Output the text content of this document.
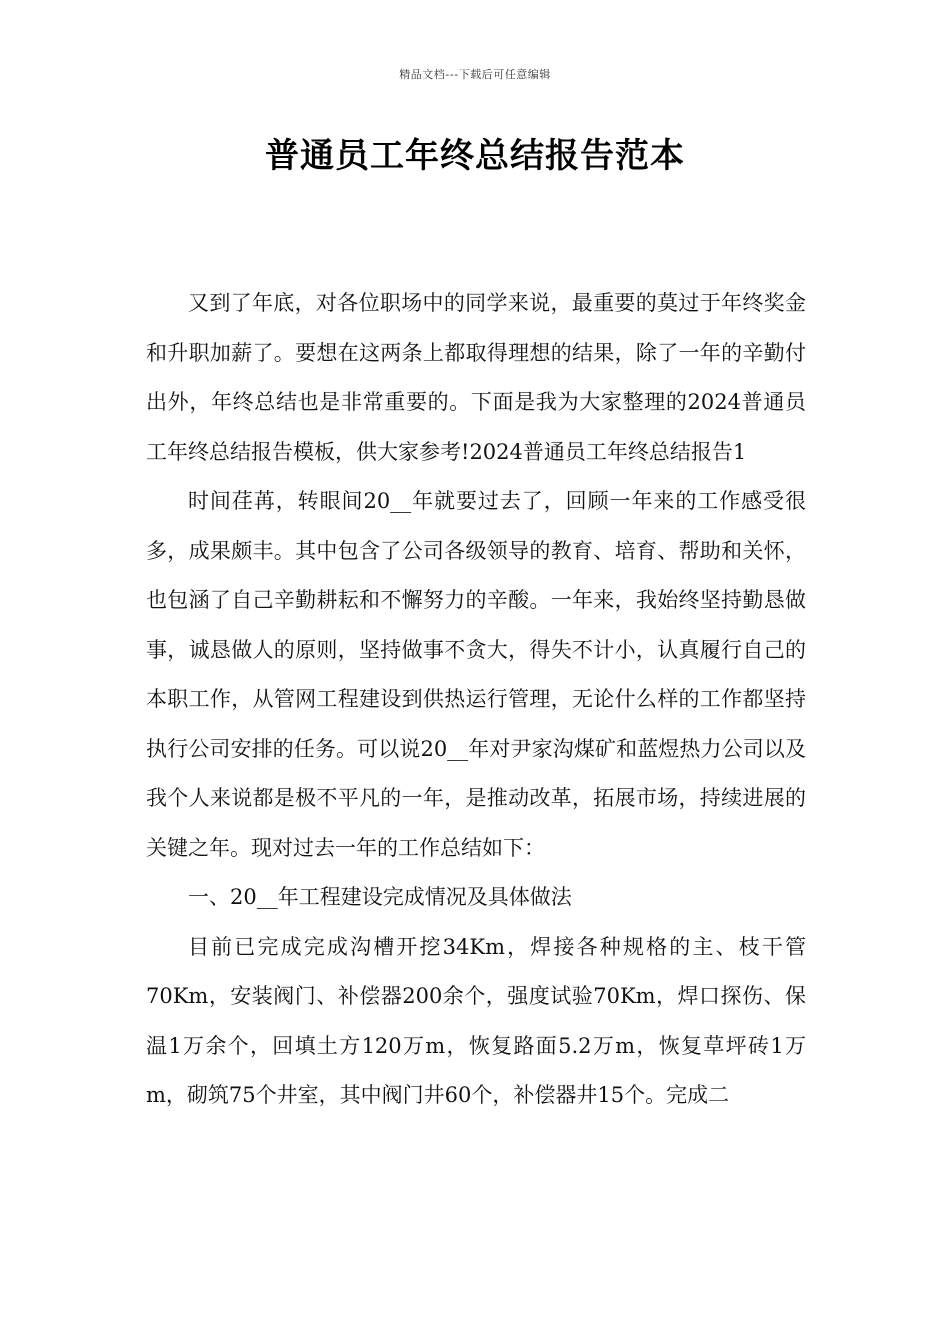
精品文档---下载后可任意编辑
普通员工年终总结报告范本

又到了年底，对各位职场中的同学来说，最重要的莫过于年终奖金和升职加薪了。要想在这两条上都取得理想的结果，除了一年的辛勤付出外，年终总结也是非常重要的。下面是我为大家整理的2024普通员工年终总结报告模板，供大家参考!2024普通员工年终总结报告1

时间荏苒，转眼间20__年就要过去了，回顾一年来的工作感受很多，成果颇丰。其中包含了公司各级领导的教育、培育、帮助和关怀，也包涵了自己辛勤耕耘和不懈努力的辛酸。一年来，我始终坚持勤恳做事，诚恳做人的原则，坚持做事不贪大，得失不计小，认真履行自己的本职工作，从管网工程建设到供热运行管理，无论什么样的工作都坚持执行公司安排的任务。可以说20__年对尹家沟煤矿和蓝煜热力公司以及我个人来说都是极不平凡的一年，是推动改革，拓展市场，持续进展的关键之年。现对过去一年的工作总结如下：

一、20__年工程建设完成情况及具体做法

目前已完成完成沟槽开挖34Km，焊接各种规格的主、枝干管70Km，安装阀门、补偿器200余个，强度试验70Km，焊口探伤、保温1万余个，回填土方120万m，恢复路面5.2万m，恢复草坪砖1万m，砌筑75个井室，其中阀门井60个，补偿器井15个。完成二
